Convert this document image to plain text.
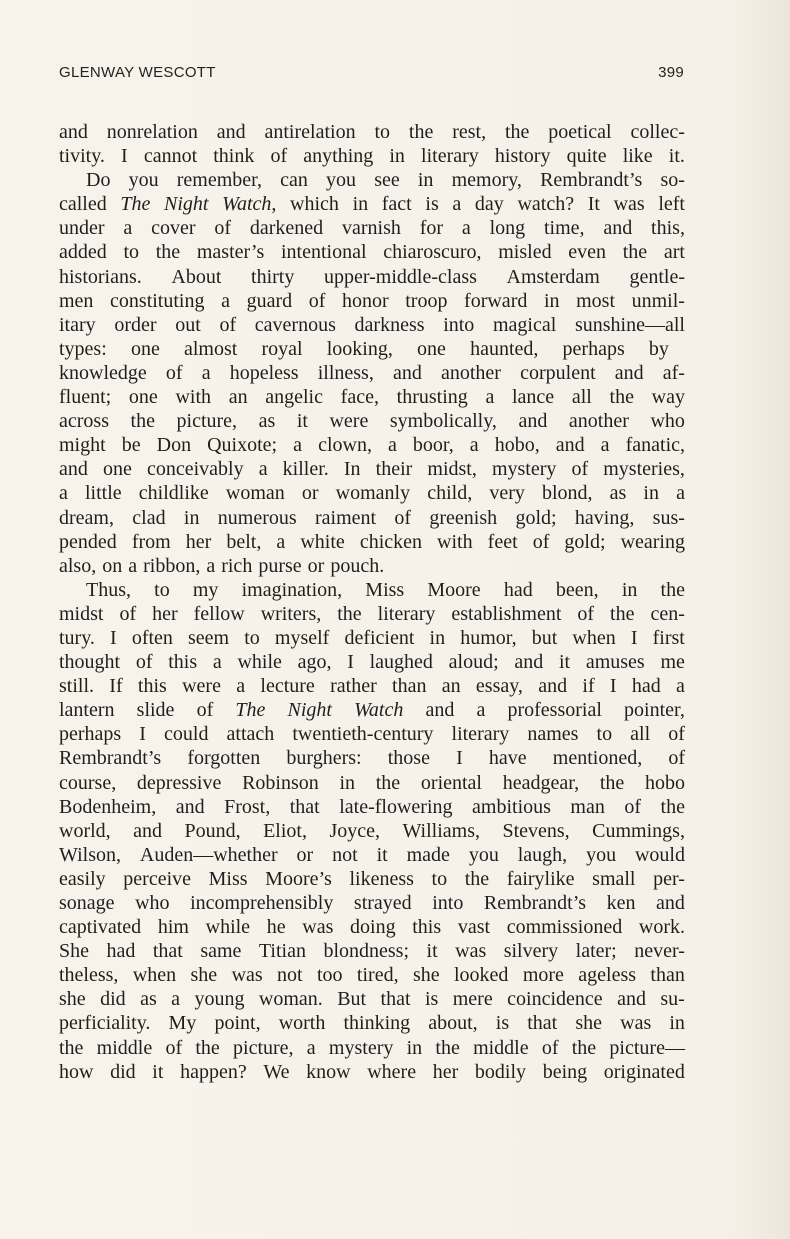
GLENWAY WESCOTT	399
and nonrelation and antirelation to the rest, the poetical collec-
tivity. I cannot think of anything in literary history quite like it.
Do you remember, can you see in memory, Rembrandt’s so-
called The Night Watch, which in fact is a day watch? It was left
under a cover of darkened varnish for a long time, and this,
added to the master’s intentional chiaroscuro, misled even the art
historians. About thirty upper-middle-class Amsterdam gentle-
men constituting a guard of honor troop forward in most unmil-
itary order out of cavernous darkness into magical sunshine—all
types: one almost royal looking, one haunted, perhaps by
knowledge of a hopeless illness, and another corpulent and af-
fluent; one with an angelic face, thrusting a lance all the way
across the picture, as it were symbolically, and another who
might be Don Quixote; a clown, a boor, a hobo, and a fanatic,
and one conceivably a killer. In their midst, mystery of mysteries,
a little childlike woman or womanly child, very blond, as in a
dream, clad in numerous raiment of greenish gold; having, sus-
pended from her belt, a white chicken with feet of gold; wearing
also, on a ribbon, a rich purse or pouch.
Thus, to my imagination, Miss Moore had been, in the
midst of her fellow writers, the literary establishment of the cen-
tury. I often seem to myself deficient in humor, but when I first
thought of this a while ago, I laughed aloud; and it amuses me
still. If this were a lecture rather than an essay, and if I had a
lantern slide of The Night Watch and a professorial pointer,
perhaps I could attach twentieth-century literary names to all of
Rembrandt’s forgotten burghers: those I have mentioned, of
course, depressive Robinson in the oriental headgear, the hobo
Bodenheim, and Frost, that late-flowering ambitious man of the
world, and Pound, Eliot, Joyce, Williams, Stevens, Cummings,
Wilson, Auden—whether or not it made you laugh, you would
easily perceive Miss Moore’s likeness to the fairylike small per-
sonage who incomprehensibly strayed into Rembrandt’s ken and
captivated him while he was doing this vast commissioned work.
She had that same Titian blondness; it was silvery later; never-
theless, when she was not too tired, she looked more ageless than
she did as a young woman. But that is mere coincidence and su-
perficiality. My point, worth thinking about, is that she was in
the middle of the picture, a mystery in the middle of the picture—
how did it happen? We know where her bodily being originated
